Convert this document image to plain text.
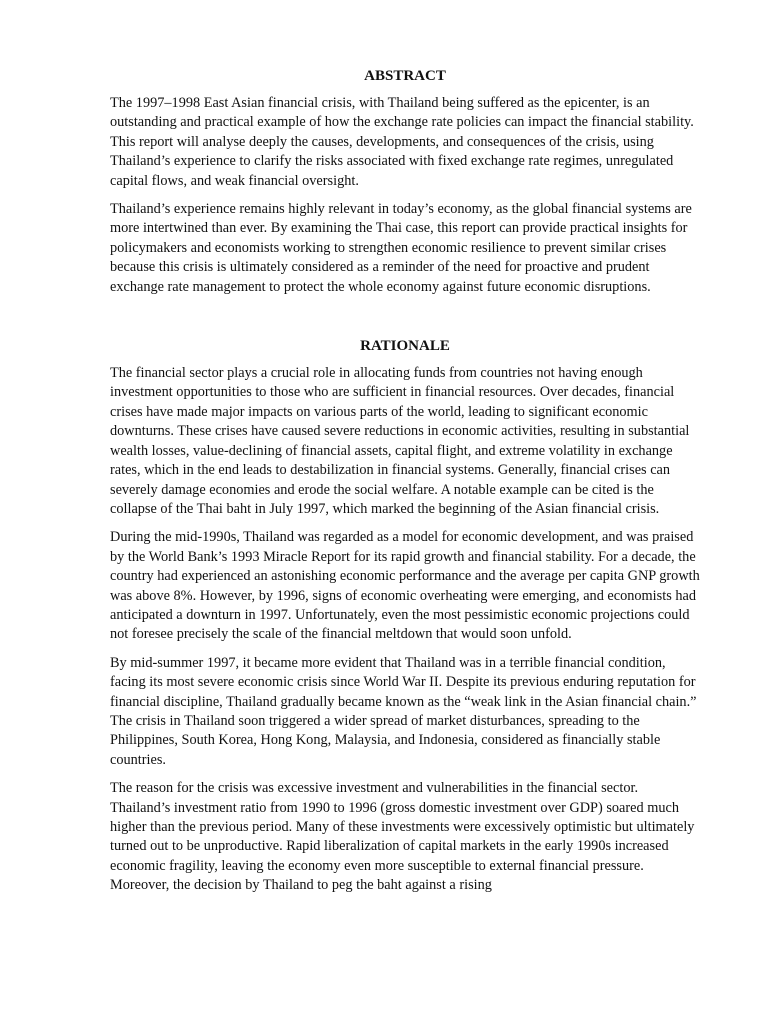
ABSTRACT

The 1997–1998 East Asian financial crisis, with Thailand being suffered as the epicenter, is an outstanding and practical example of how the exchange rate policies can impact the financial stability. This report will analyse deeply the causes, developments, and consequences of the crisis, using Thailand’s experience to clarify the risks associated with fixed exchange rate regimes, unregulated capital flows, and weak financial oversight.

Thailand’s experience remains highly relevant in today’s economy, as the global financial systems are more intertwined than ever. By examining the Thai case, this report can provide practical insights for policymakers and economists working to strengthen economic resilience to prevent similar crises because this crisis is ultimately considered as a reminder of the need for proactive and prudent exchange rate management to protect the whole economy against future economic disruptions.

RATIONALE

The financial sector plays a crucial role in allocating funds from countries not having enough investment opportunities to those who are sufficient in financial resources. Over decades, financial crises have made major impacts on various parts of the world, leading to significant economic downturns. These crises have caused severe reductions in economic activities, resulting in substantial wealth losses, value-declining of financial assets, capital flight, and extreme volatility in exchange rates, which in the end leads to destabilization in financial systems. Generally, financial crises can severely damage economies and erode the social welfare. A notable example can be cited is the collapse of the Thai baht in July 1997, which marked the beginning of the Asian financial crisis.

During the mid-1990s, Thailand was regarded as a model for economic development, and was praised by the World Bank’s 1993 Miracle Report for its rapid growth and financial stability. For a decade, the country had experienced an astonishing economic performance and the average per capita GNP growth was above 8%. However, by 1996, signs of economic overheating were emerging, and economists had anticipated a downturn in 1997. Unfortunately, even the most pessimistic economic projections could not foresee precisely the scale of the financial meltdown that would soon unfold.

By mid-summer 1997, it became more evident that Thailand was in a terrible financial condition, facing its most severe economic crisis since World War II. Despite its previous enduring reputation for financial discipline, Thailand gradually became known as the “weak link in the Asian financial chain.” The crisis in Thailand soon triggered a wider spread of market disturbances, spreading to the Philippines, South Korea, Hong Kong, Malaysia, and Indonesia, considered as financially stable countries.

The reason for the crisis was excessive investment and vulnerabilities in the financial sector. Thailand’s investment ratio from 1990 to 1996 (gross domestic investment over GDP) soared much higher than the previous period. Many of these investments were excessively optimistic but ultimately turned out to be unproductive. Rapid liberalization of capital markets in the early 1990s increased economic fragility, leaving the economy even more susceptible to external financial pressure. Moreover, the decision by Thailand to peg the baht against a rising
